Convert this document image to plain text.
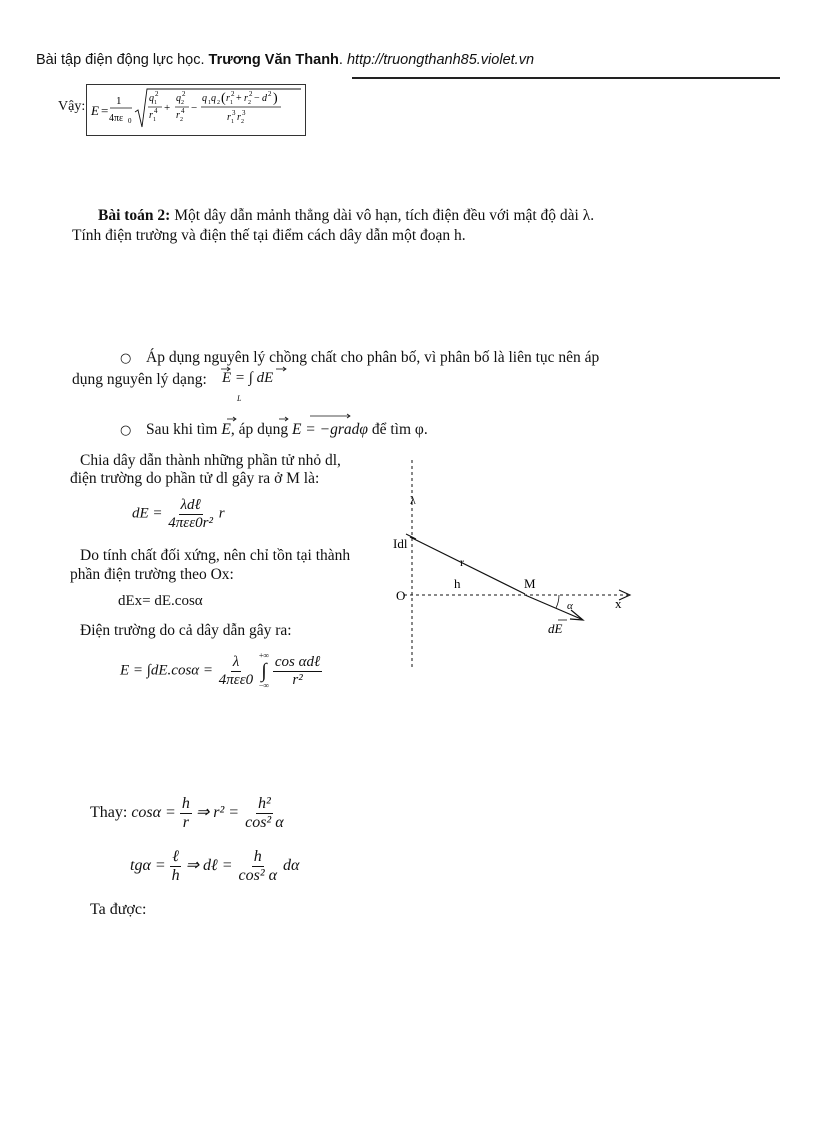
Bài tập điện động lực học. Trương Văn Thanh. http://truongthanh85.violet.vn
Vậy: E =
1
4πε 0
q 2
1
r 4
1
+
q 2
2
r 4
2
−
q 1 q 2 ( r 2
1 + r 2
2 − d 2 )
r 3
1 r 3
2
Bài toán 2: Một dây dẫn mảnh thẳng dài vô hạn, tích điện đều với mật độ dài λ.
Tính điện trường và điện thế tại điểm cách dây dẫn một đoạn h.
○ Áp dụng nguyên lý chồng chất cho phân bố, vì phân bố là liên tục nên áp
dụng nguyên lý dạng: E = ∫ dE
L
○ Sau khi tìm E, áp dụng E = −gradφ để tìm φ.
Chia dây dẫn thành những phần tử nhỏ dl,
điện trường do phần tử dl gây ra ở M là:
dE = $\frac{\text{λdℓ}}{\text{4πεε0r²}}$ r
Do tính chất đối xứng, nên chỉ tồn tại thành
phần điện trường theo Ox:
dEx= dE.cosα
Điện trường do cả dây dẫn gây ra:
$E = \int dE.\cos\alpha = \frac{\lambda}{\text{4πεε0}}$
+∞
∫
−∞
$\frac{\text{cos αdℓ}}{\text{r²}}$
λ
Idl
r
h	M
O
x
α
dE
Thay: $\cos\alpha = \frac{h}{r}$ ⇒ $r^2 = \frac{\text{h²}}{\text{cos² α}}$
$tg\alpha = \frac{\text{ℓ}}{h}$ ⇒ dℓ = $\frac{h}{\text{cos² α}}$ dα
Ta được:
